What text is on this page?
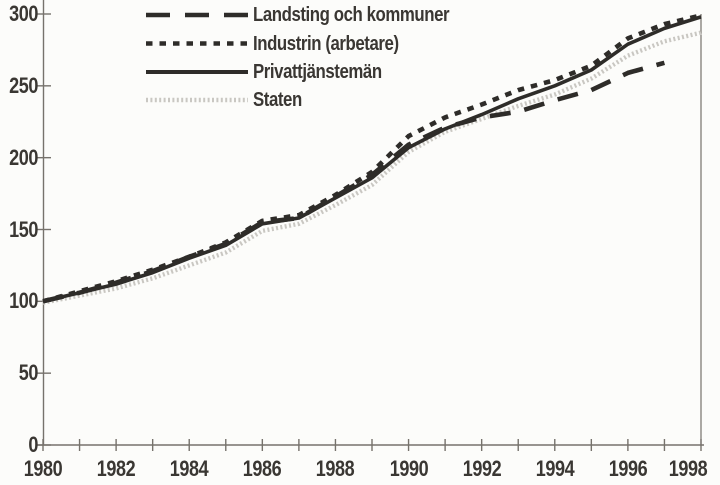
0
50
100
150
200
250
300
1980	1982	1984	1986	1988	1990	1992	1994	1996 1998
Landsting och kommuner
Industrin (arbetare)
Privattjänstemän
Staten
